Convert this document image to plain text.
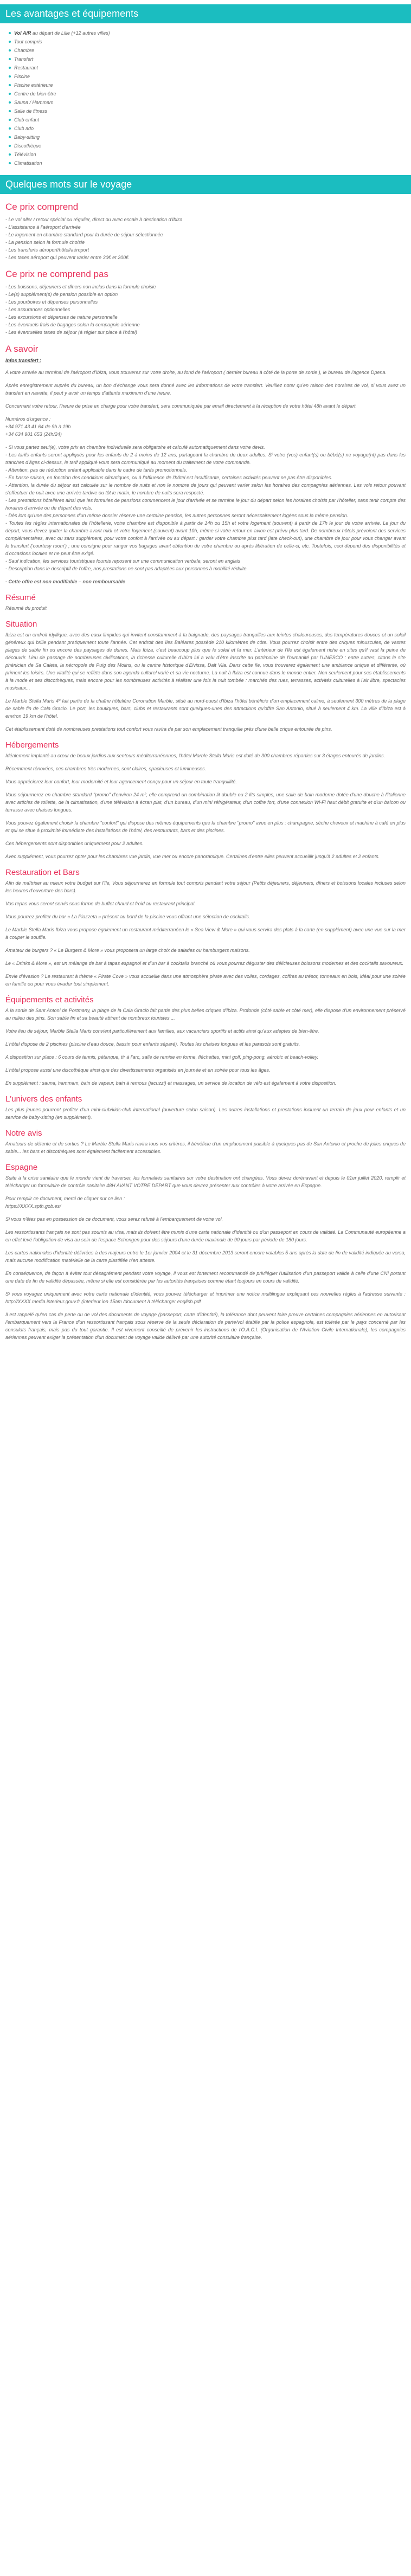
Les avantages et équipements
Vol A/R au départ de Lille (+12 autres villes)
Tout compris
Chambre
Transfert
Restaurant
Piscine
Piscine extérieure
Centre de bien-être
Sauna / Hammam
Salle de fitness
Club enfant
Club ado
Baby-sitting
Discothèque
Télévision
Climatisation
Quelques mots sur le voyage
Ce prix comprend

- Le vol aller / retour spécial ou régulier, direct ou avec escale à destination d'Ibiza

- L'assistance à l'aéroport d'arrivée

- Le logement en chambre standard pour la durée de séjour sélectionnée

- La pension selon la formule choisie

- Les transferts aéroport/hôtel/aéroport

- Les taxes aéroport qui peuvent varier entre 30€ et 200€

Ce prix ne comprend pas

- Les boissons, déjeuners et dîners non inclus dans la formule choisie

- Le(s) supplément(s) de pension possible en option

- Les pourboires et dépenses personnelles

- Les assurances optionnelles

- Les excursions et dépenses de nature personnelle

- Les éventuels frais de bagages selon la compagnie aérienne

- Les éventuelles taxes de séjour (à régler sur place à l'hôtel)

A savoir
Infos transfert :

A votre arrivée au terminal de l'aéroport d'Ibiza, vous trouverez sur votre droite, au fond de l'aéroport ( dernier bureau à côté de la porte de sortie ), le bureau de l'agence Dpena.

Après enregistrement auprès du bureau, un bon d'échange vous sera donné avec les informations de votre transfert. Veuillez noter qu'en raison des horaires de vol, si vous avez un transfert en navette, il peut y avoir un temps d'attente maximum d'une heure.

Concernant votre retour, l'heure de prise en charge pour votre transfert, sera communiquée par email directement à la réception de votre hôtel 48h avant le départ.

Numéros d'urgence :
+34 971 43 41 64 de 9h à 19h
+34 634 901 653 (24h/24)

- Si vous partez seul(e), votre prix en chambre individuelle sera obligatoire et calculé automatiquement dans votre devis.
- Les tarifs enfants seront appliqués pour les enfants de 2 à moins de 12 ans, partageant la chambre de deux adultes. Si votre (vos) enfant(s) ou bébé(s) ne voyage(nt) pas dans les tranches d'âges ci-dessus, le tarif appliqué vous sera communiqué au moment du traitement de votre commande.
- Attention, pas de réduction enfant applicable dans le cadre de tarifs promotionnels.
- En basse saison, en fonction des conditions climatiques, ou à l'affluence de l'hôtel est insuffisante, certaines activités peuvent ne pas être disponibles.
- Attention, la durée du séjour est calculée sur le nombre de nuits et non le nombre de jours qui peuvent varier selon les horaires des compagnies aériennes. Les vols retour pouvant s'effectuer de nuit avec une arrivée tardive ou tôt le matin, le nombre de nuits sera respecté.
- Les prestations hôtelières ainsi que les formules de pensions commencent le jour d'arrivée et se termine le jour du départ selon les horaires choisis par l'hôtelier, sans tenir compte des horaires d'arrivée ou de départ des vols.
- Dès lors qu'une des personnes d'un même dossier réserve une certaine pension, les autres personnes seront nécessairement logées sous la même pension.
- Toutes les règles internationales de l'hôtellerie, votre chambre est disponible à partir de 14h ou 15h et votre logement (souvent) à partir de 17h le jour de votre arrivée. Le jour du départ, vous devez quitter la chambre avant midi et votre logement (souvent) avant 10h, même si votre retour en avion est prévu plus tard. De nombreux hôtels prévoient des services complémentaires, avec ou sans supplément, pour votre confort à l'arrivée ou au départ : garder votre chambre plus tard (late check-out), une chambre de jour pour vous changer avant le transfert ('courtesy room') ; une consigne pour ranger vos bagages avant obtention de votre chambre ou après libération de celle-ci, etc. Toutefois, ceci dépend des disponibilités et d'occasions locales et ne peut être exigé.
- Sauf indication, les services touristiques fournis reposent sur une communication verbale, seront en anglais
- Description dans le descriptif de l'offre, nos prestations ne sont pas adaptées aux personnes à mobilité réduite.

- Cette offre est non modifiable – non remboursable

Résumé

Résumé du produit

Situation

Ibiza est un endroit idyllique, avec des eaux limpides qui invitent constamment à la baignade, des paysages tranquilles aux teintes chaleureuses, des températures douces et un soleil généreux qui brille pendant pratiquement toute l'année. Cet endroit des îles Baléares possède 210 kilomètres de côte. Vous pourrez choisir entre des criques minuscules, de vastes plages de sable fin ou encore des paysages de dunes. Mais Ibiza, c'est beaucoup plus que le soleil et la mer. L'intérieur de l'île est également riche en sites qu'il vaut la peine de découvrir. Lieu de passage de nombreuses civilisations, la richesse culturelle d'Ibiza lui a valu d'être inscrite au patrimoine de l'humanité par l'UNESCO : entre autres, citons le site phénicien de Sa Caleta, la nécropole de Puig des Molins, ou le centre historique d'Eivissa, Dalt Vila. Dans cette île, vous trouverez également une ambiance unique et différente, où priment les loisirs. Une vitalité qui se reflète dans son agenda culturel varié et sa vie nocturne. La nuit à Ibiza est connue dans le monde entier. Non seulement pour ses établissements à la mode et ses discothèques, mais encore pour les nombreuses activités à réaliser une fois la nuit tombée : marchés des rues, terrasses, activités culturelles à l'air libre, spectacles musicaux...

Le Marble Stella Maris 4* fait partie de la chaîne hôtelière Coronation Marble, situé au nord-ouest d'Ibiza l'hôtel bénéficie d'un emplacement calme, à seulement 300 mètres de la plage de sable fin de Cala Gracio. Le port, les boutiques, bars, clubs et restaurants sont quelques-unes des attractions qu'offre San Antonio, situé à seulement 4 km. La ville d'Ibiza est à environ 19 km de l'hôtel.

Cet établissement doté de nombreuses prestations tout confort vous ravira de par son emplacement tranquille près d'une belle crique entourée de pins.

Hébergements

Idéalement implanté au cœur de beaux jardins aux senteurs méditerranéennes, l'hôtel Marble Stella Maris est doté de 300 chambres réparties sur 3 étages entourés de jardins.

Récemment rénovées, ces chambres très modernes, sont claires, spacieuses et lumineuses.

Vous apprécierez leur confort, leur modernité et leur agencement conçu pour un séjour en toute tranquillité.

Vous séjournerez en chambre standard "promo" d'environ 24 m², elle comprend un combination lit double ou 2 lits simples, une salle de bain moderne dotée d'une douche à l'italienne avec articles de toilette, de la climatisation, d'une télévision à écran plat, d'un bureau, d'un mini réfrigérateur, d'un coffre fort, d'une connexion Wi-Fi haut débit gratuite et d'un balcon ou terrasse avec chaises longues.

Vous pouvez également choisir la chambre "confort" qui dispose des mêmes équipements que la chambre "promo" avec en plus : champagne, sèche cheveux et machine à café en plus et qui se situe à proximité immédiate des installations de l'hôtel, des restaurants, bars et des piscines.

Ces hébergements sont disponibles uniquement pour 2 adultes.

Avec supplément, vous pourrez opter pour les chambres vue jardin, vue mer ou encore panoramique. Certaines d'entre elles peuvent accueillir jusqu'à 2 adultes et 2 enfants.

Restauration et Bars

Afin de maîtriser au mieux votre budget sur l'île, Vous séjournerez en formule tout compris pendant votre séjour (Petits déjeuners, déjeuners, dîners et boissons locales incluses selon les heures d'ouverture des bars).

Vos repas vous seront servis sous forme de buffet chaud et froid au restaurant principal.

Vous pourrez profiter du bar « La Piazzeta » présent au bord de la piscine vous offrant une sélection de cocktails.

Le Marble Stella Maris Ibiza vous propose également un restaurant méditerranéen le « Sea View & More » qui vous servira des plats à la carte (en supplément) avec une vue sur la mer à couper le souffle.

Amateur de burgers ? « Le Burgers & More » vous proposera un large choix de salades ou hamburgers maisons.

Le « Drinks & More », est un mélange de bar à tapas espagnol et d'un bar à cocktails branché où vous pourrez déguster des délicieuses boissons modernes et des cocktails savoureux.

Envie d'évasion ? Le restaurant à thème « Pirate Cove » vous accueille dans une atmosphère pirate avec des voiles, cordages, coffres au trésor, tonneaux en bois, idéal pour une soirée en famille ou pour vous évader tout simplement.

Équipements et activités

A la sortie de Sant Antoni de Portmany, la plage de la Cala Gracio fait partie des plus belles criques d'Ibiza. Profonde (côté sable et côté mer), elle dispose d'un environnement préservé au milieu des pins. Son sable fin et sa beauté attirent de nombreux touristes ...

Votre lieu de séjour, Marble Stella Maris convient particulièrement aux familles, aux vacanciers sportifs et actifs ainsi qu'aux adeptes de bien-être.

L'hôtel dispose de 2 piscines (piscine d'eau douce, bassin pour enfants séparé). Toutes les chaises longues et les parasols sont gratuits.

A disposition sur place : 6 cours de tennis, pétanque, tir à l'arc, salle de remise en forme, fléchettes, mini golf, ping-pong, aérobic et beach-volley.

L'hôtel propose aussi une discothèque ainsi que des divertissements organisés en journée et en soirée pour tous les âges.

En supplément : sauna, hammam, bain de vapeur, bain à remous (jacuzzi) et massages, un service de location de vélo est également à votre disposition.

L'univers des enfants

Les plus jeunes pourront profiter d'un mini-club/kids-club international (ouverture selon saison). Les autres installations et prestations incluent un terrain de jeux pour enfants et un service de baby-sitting (en supplément).

Notre avis

Amateurs de détente et de sorties ? Le Marble Stella Maris ravira tous vos critères, il bénéficie d'un emplacement paisible à quelques pas de San Antonio et proche de jolies criques de sable... les bars et discothèques sont également facilement accessibles.

Espagne

Suite à la crise sanitaire que le monde vient de traverser, les formalités sanitaires sur votre destination ont changées. Vous devez dorénavant et depuis le 01er juillet 2020, remplir et télécharger un formulaire de contrôle sanitaire 48H AVANT VOTRE DÉPART que vous devrez présenter aux contrôles à votre arrivée en Espagne.

Pour remplir ce document, merci de cliquer sur ce lien :

https://XXXX.spth.gob.es/

Si vous n'êtes pas en possession de ce document, vous serez refusé à l'embarquement de votre vol.

Les ressortissants français ne sont pas soumis au visa, mais ils doivent être munis d'une carte nationale d'identité ou d'un passeport en cours de validité. La Communauté européenne a en effet levé l'obligation de visa au sein de l'espace Schengen pour des séjours d'une durée maximale de 90 jours par période de 180 jours.

Les cartes nationales d'identité délivrées à des majeurs entre le 1er janvier 2004 et le 31 décembre 2013 seront encore valables 5 ans après la date de fin de validité indiquée au verso, mais aucune modification matérielle de la carte plastifiée n'en atteste.

En conséquence, de façon à éviter tout désagrément pendant votre voyage, il vous est fortement recommandé de privilégier l'utilisation d'un passeport valide à celle d'une CNI portant une date de fin de validité dépassée, même si elle est considérée par les autorités françaises comme étant toujours en cours de validité.

Si vous voyagez uniquement avec votre carte nationale d'identité, vous pouvez télécharger et imprimer une notice multilingue expliquant ces nouvelles règles à l'adresse suivante : http://XXXX.media.interieur.gouv.fr (interieur.ion 15am /document à télécharger english.pdf

Il est rappelé qu'en cas de perte ou de vol des documents de voyage (passeport, carte d'identité), la tolérance dont peuvent faire preuve certaines compagnies aériennes en autorisant l'embarquement vers la France d'un ressortissant français sous réserve de la seule déclaration de perte/vol établie par la police espagnole, est tolérée par le pays concerné par les consulats français, mais pas du tout garantie. Il est vivement conseillé de prévenir les instructions de l'O.A.C.I. (Organisation de l'Aviation Civile Internationale), les compagnies aériennes peuvent exiger la présentation d'un document de voyage valide délivré par une autorité consulaire française.
